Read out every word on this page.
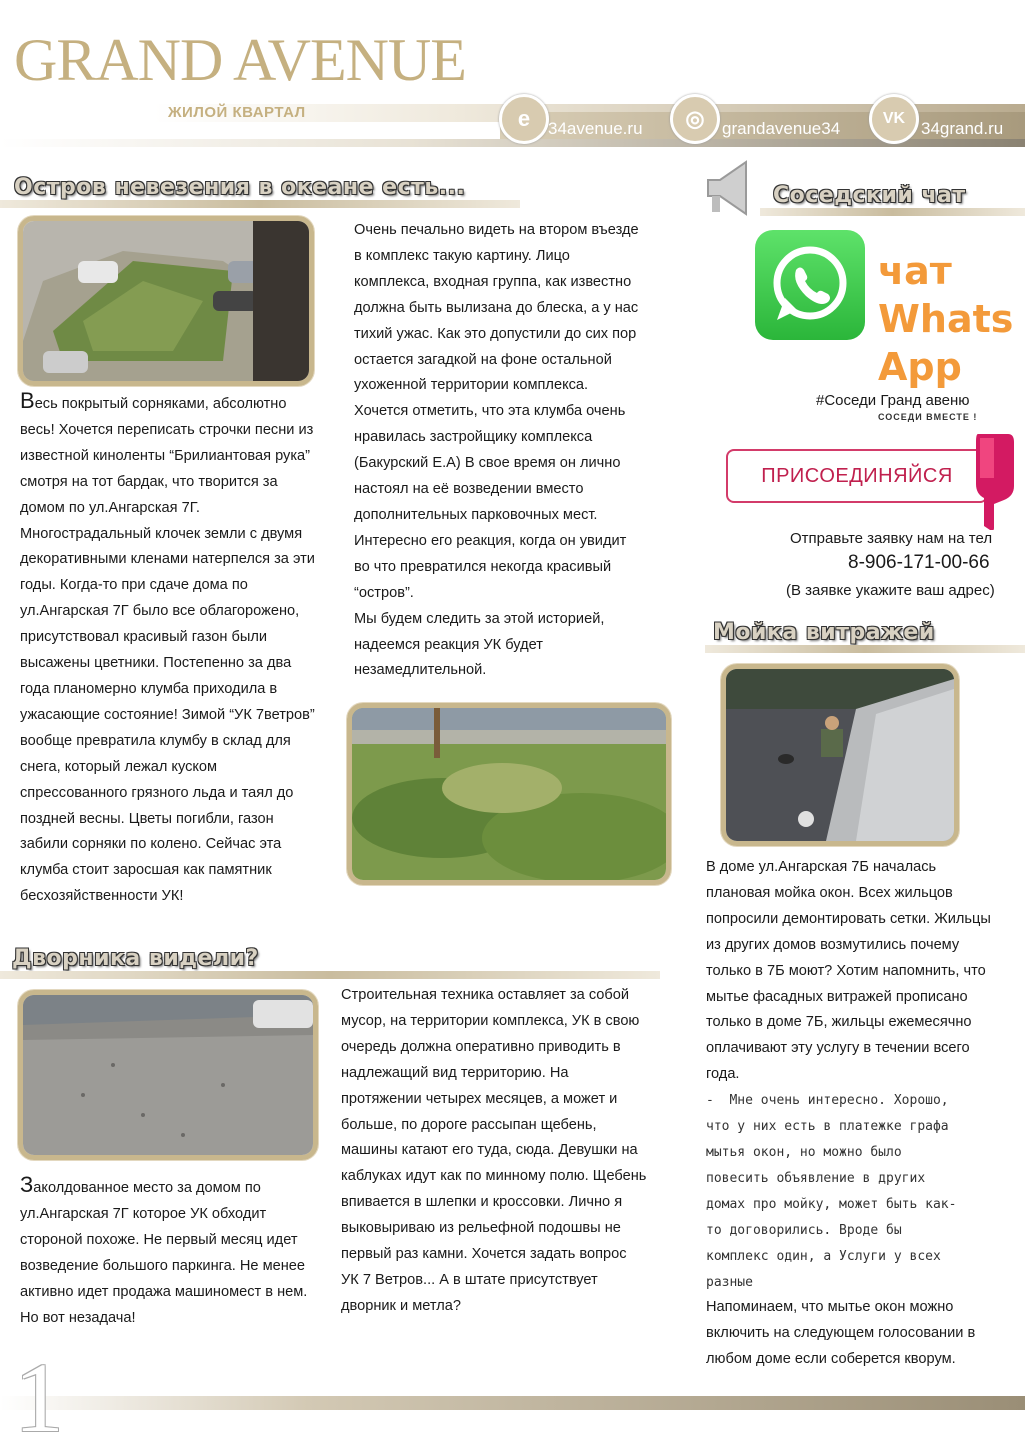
GRAND AVENUE
ЖИЛОЙ КВАРТАЛ	e	34avenue.ru	◎	grandavenue34
VK
34grand.ru
Остров невезения в океане есть...
Весь покрытый сорняками, абсолютно
весь! Хочется переписать строчки песни из
известной киноленты “Брилиантовая рука”
смотря на тот бардак, что творится за
домом по ул.Ангарская 7Г.
Многострадальный клочек земли с двумя
декоративными кленами натерпелся за эти
годы. Когда-то при сдаче дома по
ул.Ангарская 7Г было все облагорожено,
присутствовал красивый газон были
высажены цветники. Постепенно за два
года планомерно клумба приходила в
ужасающие состояние! Зимой “УК 7ветров”
вообще превратила клумбу в склад для
снега, который лежал куском
спрессованного грязного льда и таял до
поздней весны. Цветы погибли, газон
забили сорняки по колено. Сейчас эта
клумба стоит заросшая как памятник
бесхозяйственности УК!
Очень печально видеть на втором въезде
в комплекс такую картину. Лицо
комплекса, входная группа, как известно
должна быть вылизана до блеска, а у нас
тихий ужас. Как это допустили до сих пор
остается загадкой на фоне остальной
ухоженной территории комплекса.
Хочется отметить, что эта клумба очень
нравилась застройщику комплекса
(Бакурский Е.А) В свое время он лично
настоял на её возведении вместо
дополнительных парковочных мест.
Интересно его реакция, когда он увидит
во что превратился некогда красивый
“остров”.
Мы будем следить за этой историей,
надеемся реакция УК будет
незамедлительной.
Дворника видели?
Заколдованное место за домом по
ул.Ангарская 7Г которое УК обходит
стороной похоже. Не первый месяц идет
возведение большого паркинга. Не менее
активно идет продажа машиномест в нем.
Но вот незадача!
Строительная техника оставляет за собой
мусор, на территории комплекса, УК в свою
очередь должна оперативно приводить в
надлежащий вид территорию. На
протяжении четырех месяцев, а может и
больше, по дороге рассыпан щебень,
машины катают его туда, сюда. Девушки на
каблуках идут как по минному полю. Щебень
впивается в шлепки и кроссовки. Лично я
выковыриваю из рельефной подошвы не
первый раз камни. Хочется задать вопрос
УК 7 Ветров... А в штате присутствует
дворник и метла?
Соседский чат
чат
Whats
App
#Соседи Гранд авеню
СОСЕДИ ВМЕСТЕ !
ПРИСОЕДИНЯЙСЯ
Отправьте заявку нам на тел
8-906-171-00-66
(В заявке укажите ваш адрес)
Мойка витражей
В доме ул.Ангарская 7Б началась
плановая мойка окон. Всех жильцов
попросили демонтировать сетки. Жильцы
из других домов возмутились почему
только в 7Б моют? Хотим напомнить, что
мытье фасадных витражей прописано
только в доме 7Б, жильцы ежемесячно
оплачивают эту услугу в течении всего
года.
-  Мне очень интересно. Хорошо,
что у них есть в платежке графа
мытья окон, но можно было
повесить объявление в других
домах про мойку, может быть как-
то договорились. Вроде бы
комплекс один, а Услуги у всех
разные
Напоминаем, что мытье окон можно
включить на следующем голосовании в
любом доме если соберется кворум.
1
